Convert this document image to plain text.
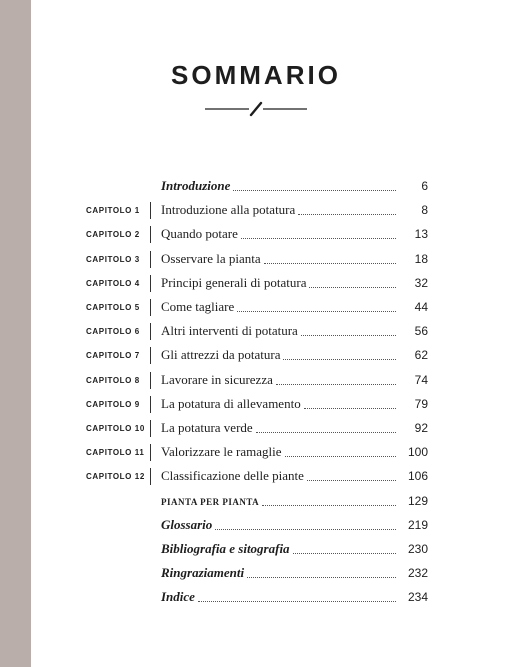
SOMMARIO
Introduzione	6
CAPITOLO 1 Introduzione alla potatura	8
CAPITOLO 2 Quando potare	13
CAPITOLO 3 Osservare la pianta	18
CAPITOLO 4 Principi generali di potatura	32
CAPITOLO 5 Come tagliare	44
CAPITOLO 6 Altri interventi di potatura	56
CAPITOLO 7 Gli attrezzi da potatura	62
CAPITOLO 8 Lavorare in sicurezza	74
CAPITOLO 9 La potatura di allevamento	79
CAPITOLO 10 La potatura verde	92
CAPITOLO 11 Valorizzare le ramaglie	100
CAPITOLO 12 Classificazione delle piante	106
PIANTA PER PIANTA	129
Glossario	219
Bibliografia e sitografia	230
Ringraziamenti	232
Indice	234
